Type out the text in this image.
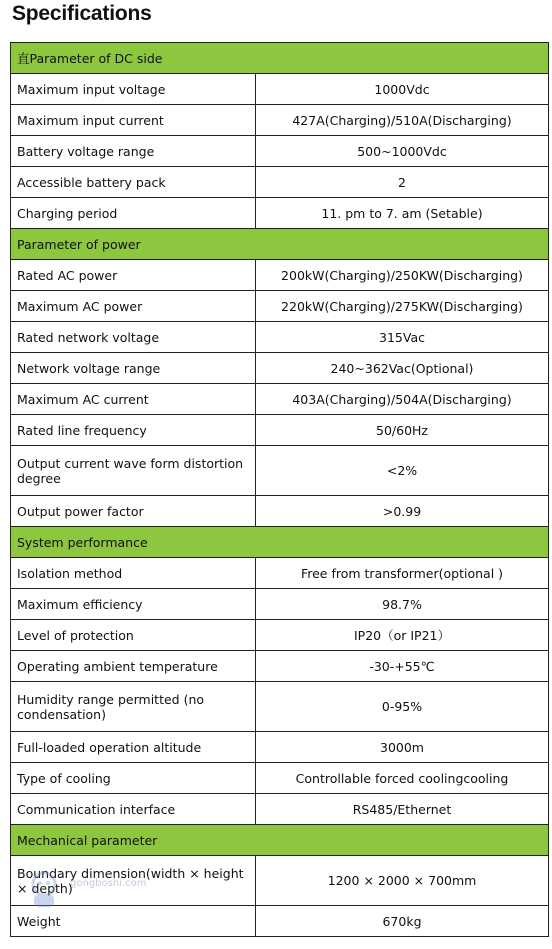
Specifications
直Parameter of DC side	
Maximum input voltage	1000Vdc
Maximum input current	427A(Charging)/510A(Discharging)
Battery voltage range	500~1000Vdc
Accessible battery pack	2
Charging period	11. pm to 7. am (Setable)
Parameter of power	
Rated AC power	200kW(Charging)/250KW(Discharging)
Maximum AC power	220kW(Charging)/275KW(Discharging)
Rated network voltage	315Vac
Network voltage range	240~362Vac(Optional)
Maximum AC current	403A(Charging)/504A(Discharging)
Rated line frequency	50/60Hz
Output current wave form distortion degree	<2%
Output power factor	>0.99
System performance	
Isolation method	Free from transformer(optional )
Maximum efficiency	98.7%
Level of protection	IP20（or IP21）
Operating ambient temperature	-30-+55℃
Humidity range permitted (no condensation)	0-95%
Full-loaded operation altitude	3000m
Type of cooling	Controllable forced coolingcooling
Communication interface	RS485/Ethernet
Mechanical parameter	
Boundary dimension(width × height × depth)	1200 × 2000 × 700mm
Weight	670kg
gongboshi.com
